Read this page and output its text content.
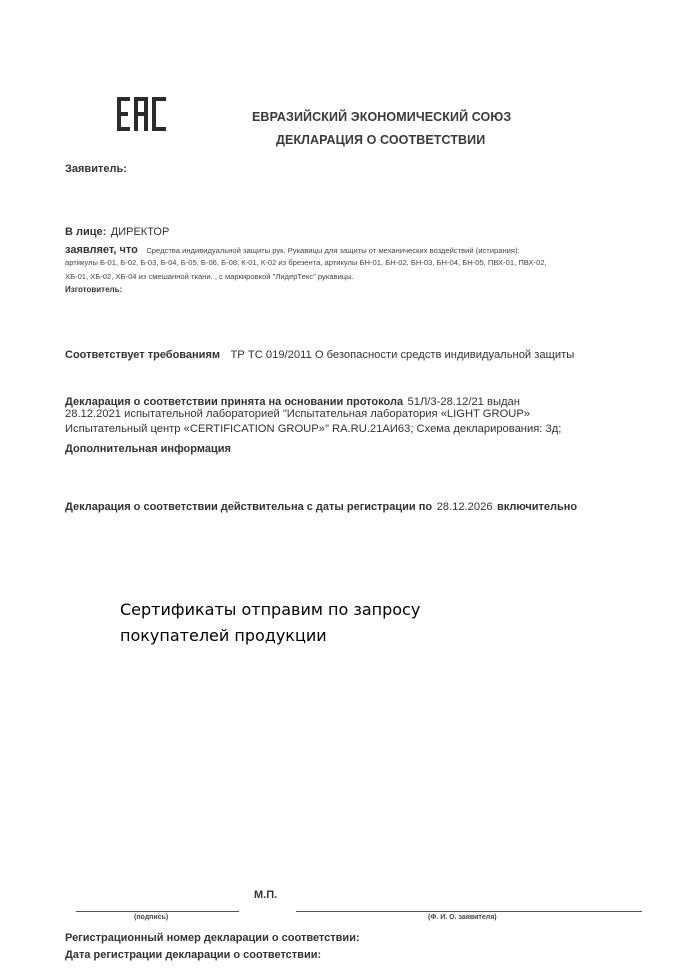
ЕВРАЗИЙСКИЙ ЭКОНОМИЧЕСКИЙ СОЮЗ
ДЕКЛАРАЦИЯ О СООТВЕТСТВИИ
Заявитель:
В лице: ДИРЕКТОР
заявляет, что Средства индивидуальной защиты рук. Рукавицы для защиты от механических воздействий (истирания):
артикулы Б-01, Б-02, Б-03, Б-04, Б-05, Б-06, Б-08, К-01, К-02 из брезента, артикулы БН-01, БН-02, БН-03, БН-04, БН-05, ПВХ-01, ПВХ-02,
ХБ-01, ХБ-02, ХБ-04 из смешанной ткани. , с маркировкой "ЛидерТекс" рукавицы.
Изготовитель:
Соответствует требованиям ТР ТС 019/2011 О безопасности средств индивидуальной защиты
Декларация о соответствии принята на основании протокола 51Л/3-28.12/21 выдан
28.12.2021 испытательной лабораторией "Испытательная лаборатория «LIGHT GROUP»
Испытательный центр «CERTIFICATION GROUP»" RA.RU.21АИ63; Схема декларирования: 3д;
Дополнительная информация
Декларация о соответствии действительна с даты регистрации по 28.12.2026 включительно
Сертификаты отправим по запросу
покупателей продукции
М.П.
(подпись)	(Ф. И. О. заявителя)
Регистрационный номер декларации о соответствии:
Дата регистрации декларации о соответствии:
